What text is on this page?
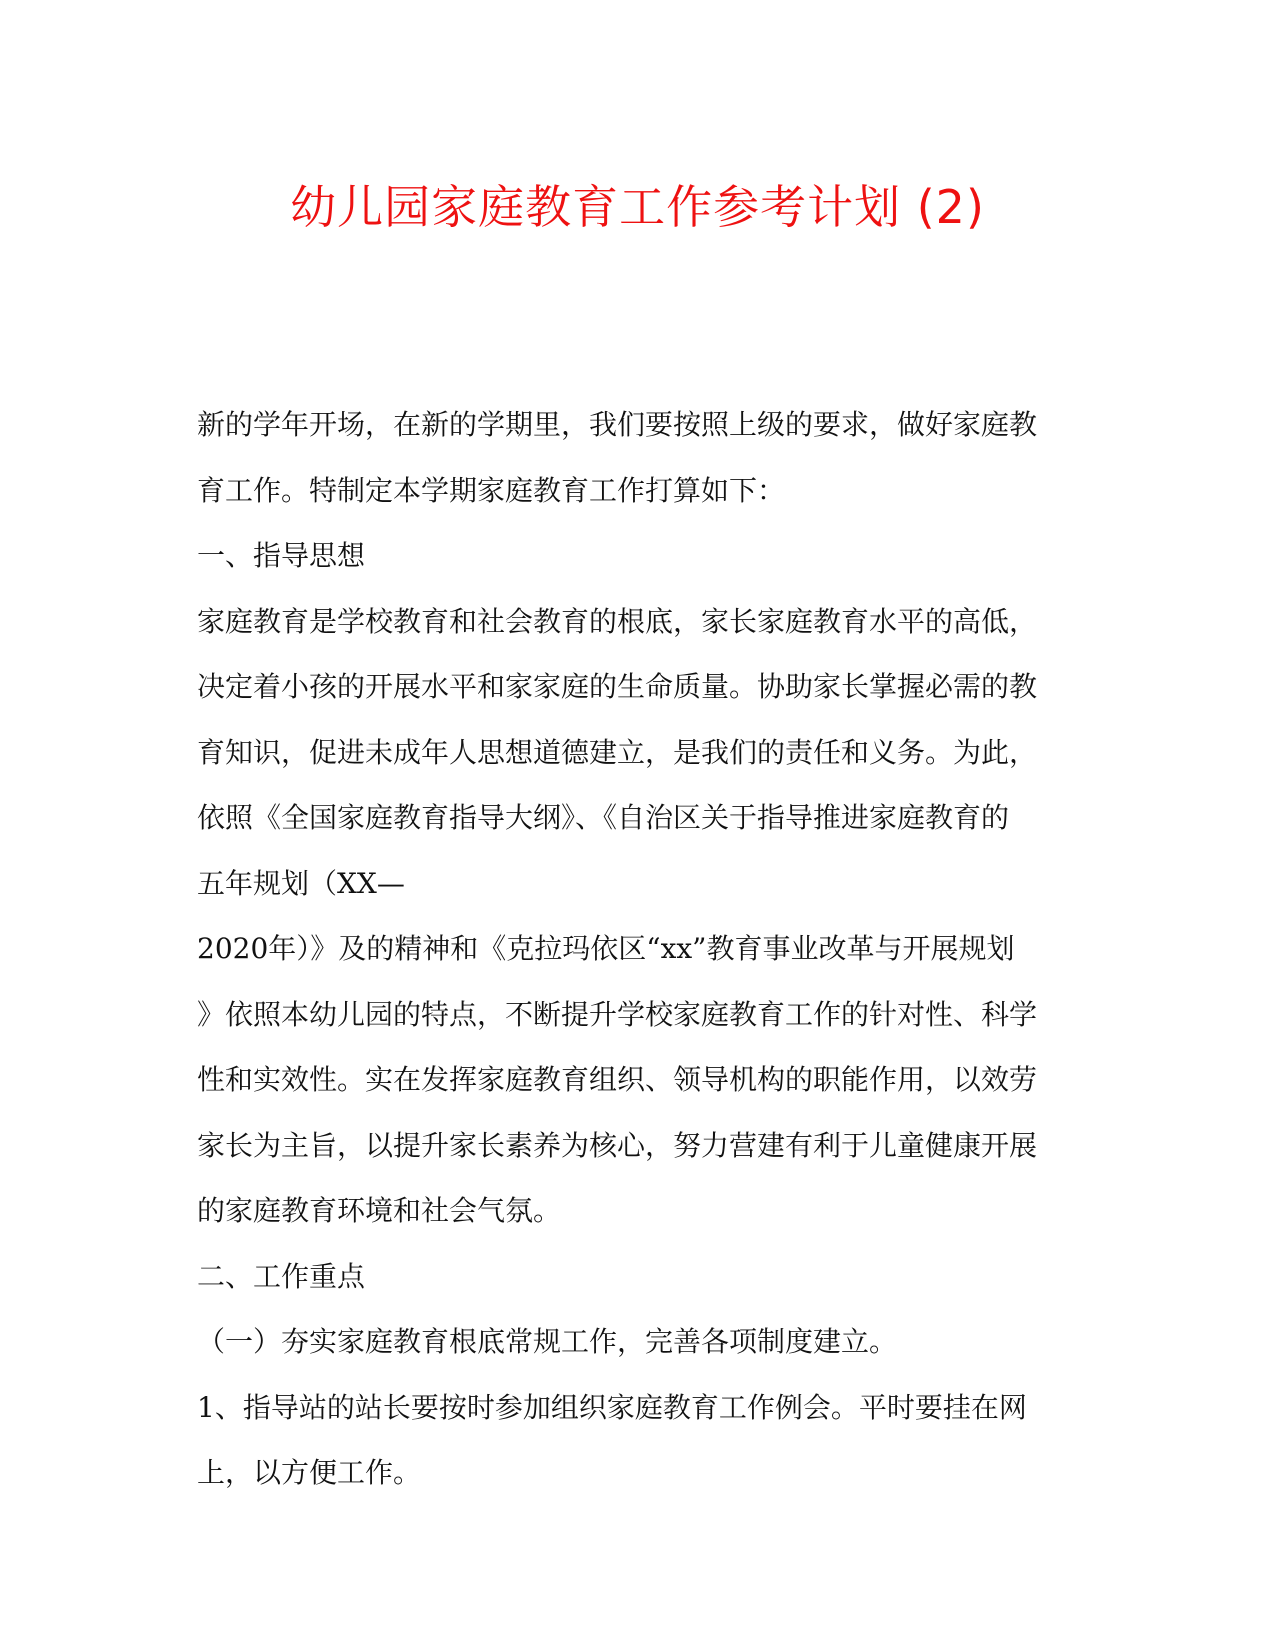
幼儿园家庭教育工作参考计划 (2)
新的学年开场，在新的学期里，我们要按照上级的要求，做好家庭教
育工作。特制定本学期家庭教育工作打算如下：
一、指导思想
家庭教育是学校教育和社会教育的根底，家长家庭教育水平的高低，
决定着小孩的开展水平和家家庭的生命质量。协助家长掌握必需的教
育知识，促进未成年人思想道德建立，是我们的责任和义务。为此，
依照《全国家庭教育指导大纲》、《自治区关于指导推进家庭教育的
五年规划（XX—
2020年）》及的精神和《克拉玛依区“xx”教育事业改革与开展规划
》依照本幼儿园的特点，不断提升学校家庭教育工作的针对性、科学
性和实效性。实在发挥家庭教育组织、领导机构的职能作用，以效劳
家长为主旨，以提升家长素养为核心，努力营建有利于儿童健康开展
的家庭教育环境和社会气氛。
二、工作重点
（一）夯实家庭教育根底常规工作，完善各项制度建立。
1、指导站的站长要按时参加组织家庭教育工作例会。平时要挂在网
上，以方便工作。
